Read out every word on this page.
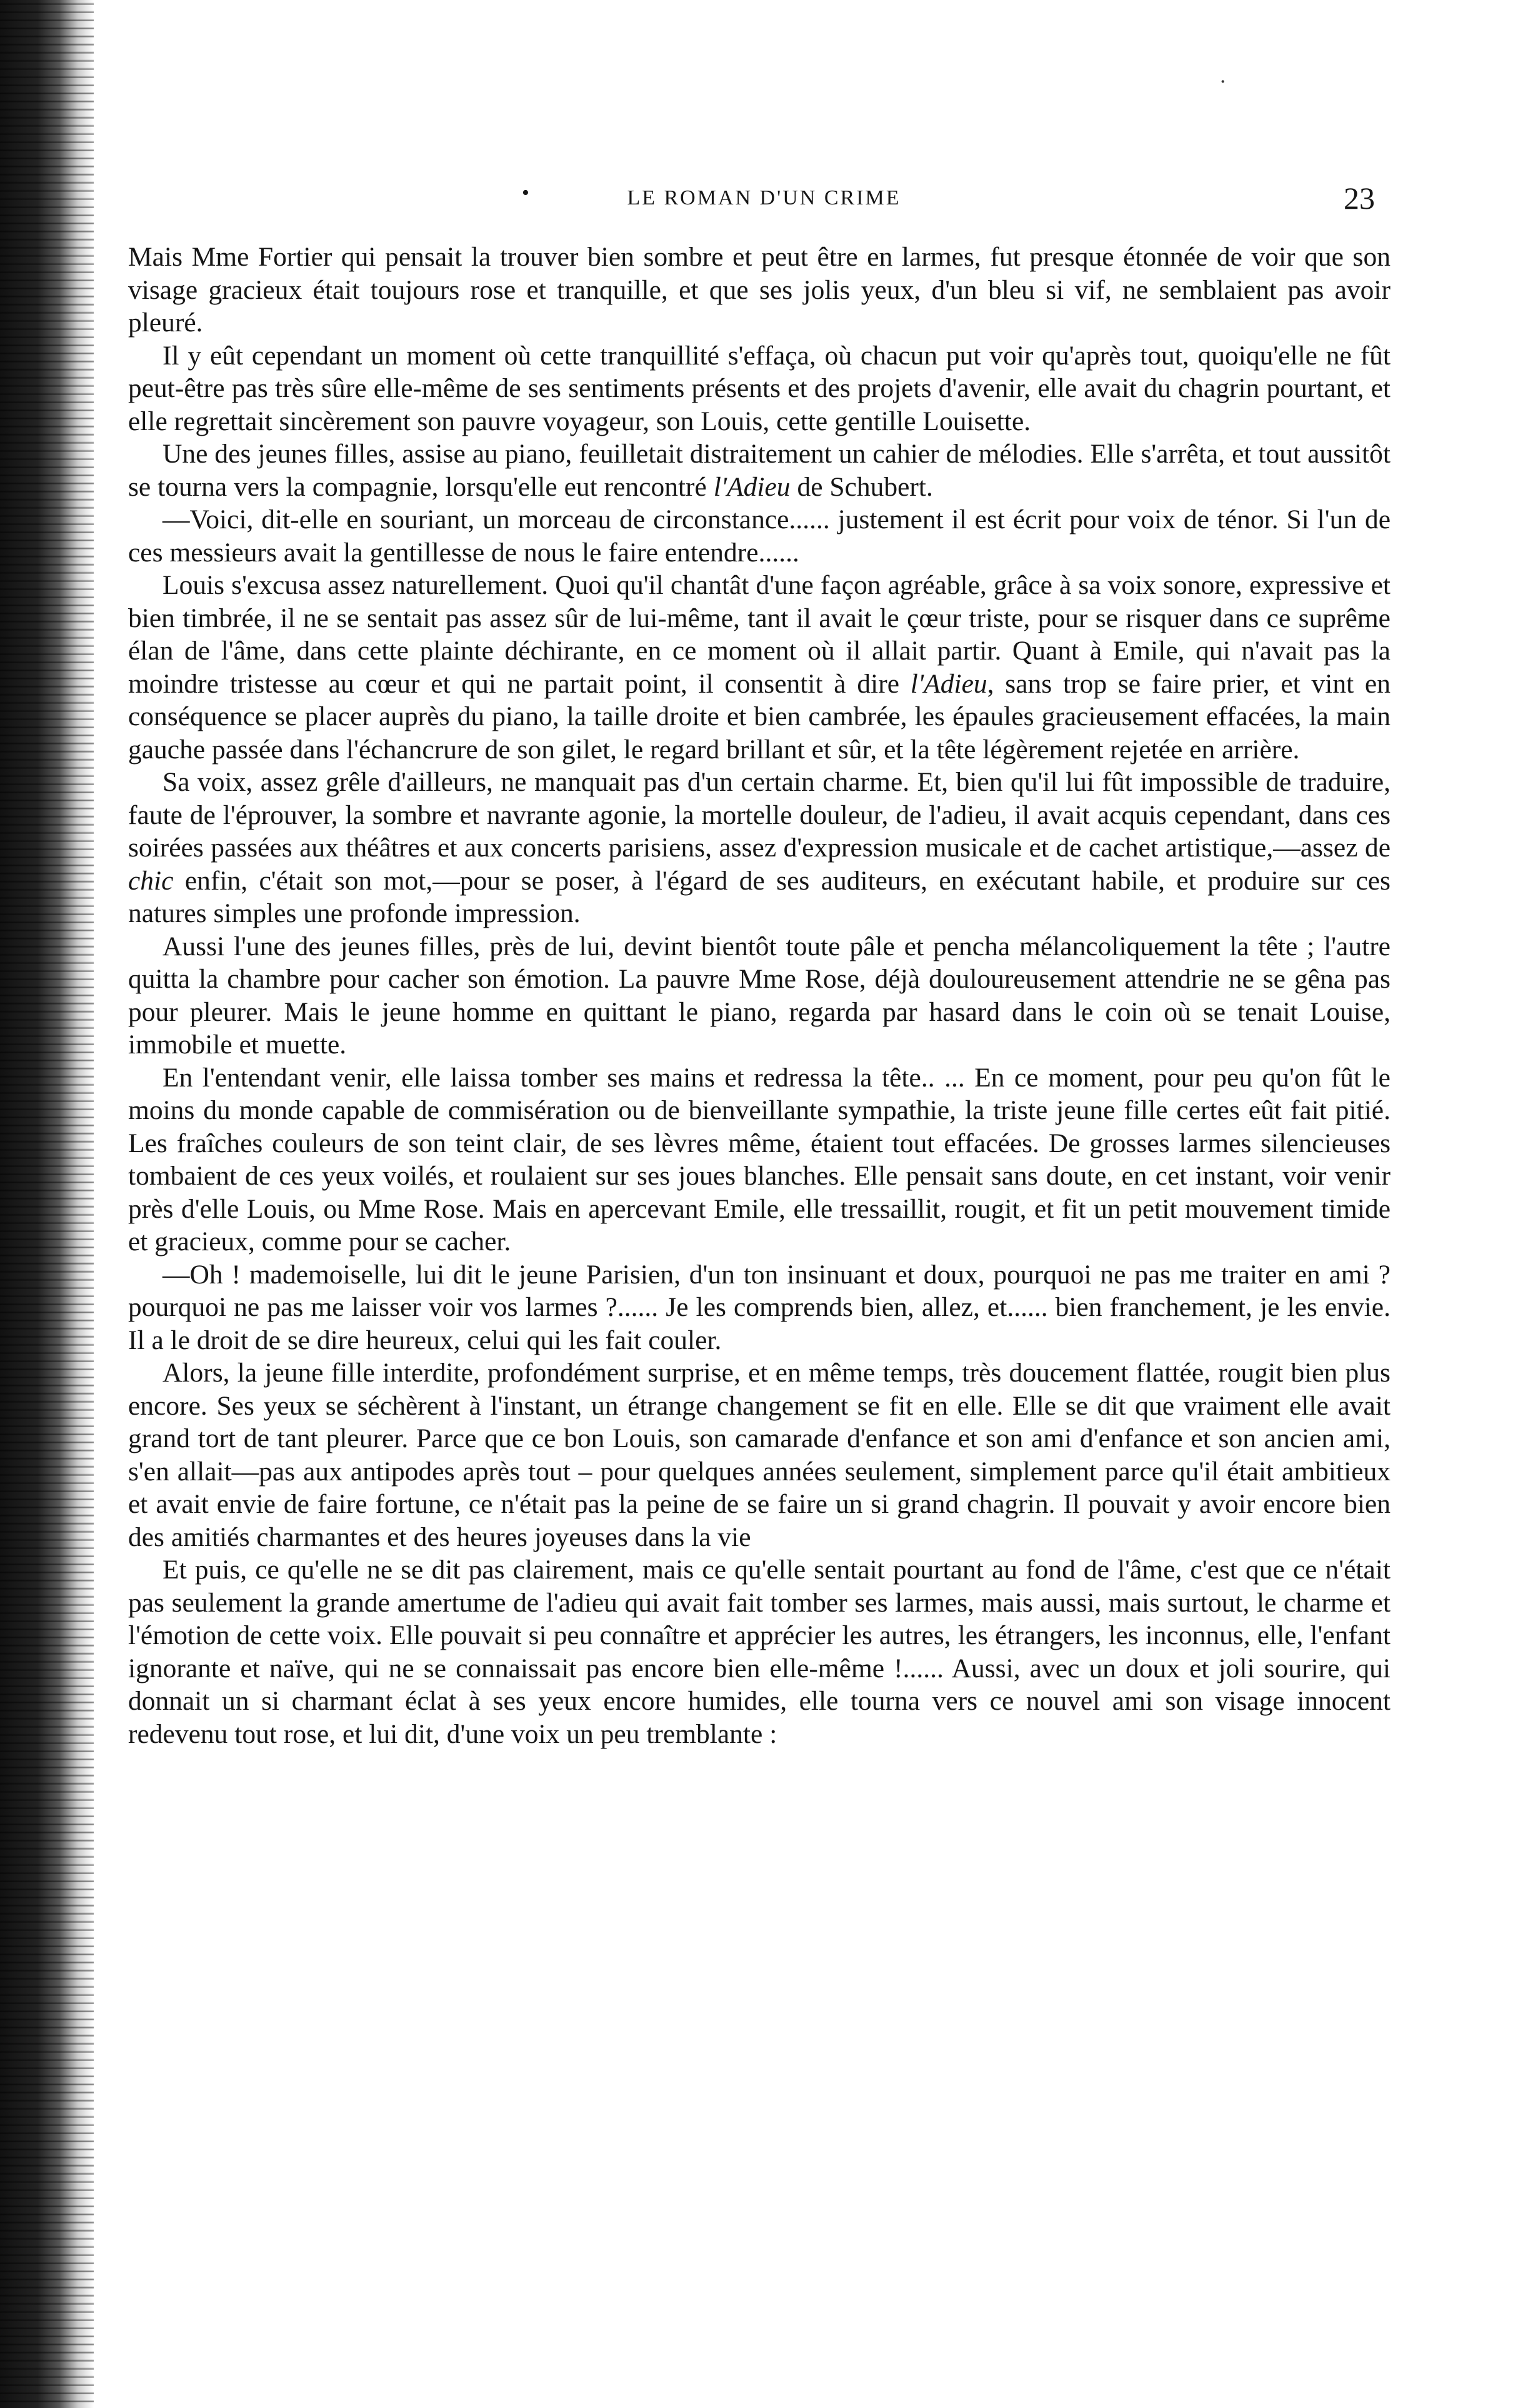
˙
•	LE ROMAN D'UN CRIME	23

Mais Mme Fortier qui pensait la trouver bien sombre et peut être en larmes, fut presque étonnée de voir que son visage gracieux était toujours rose et tranquille, et que ses jolis yeux, d'un bleu si vif, ne semblaient pas avoir pleuré.

Il y eût cependant un moment où cette tranquillité s'effaça, où chacun put voir qu'après tout, quoiqu'elle ne fût peut-être pas très sûre elle-même de ses sentiments présents et des projets d'avenir, elle avait du chagrin pourtant, et elle regrettait sincèrement son pauvre voyageur, son Louis, cette gentille Louisette.

Une des jeunes filles, assise au piano, feuilletait distraitement un cahier de mélodies. Elle s'arrêta, et tout aussitôt se tourna vers la compagnie, lorsqu'elle eut rencontré l'Adieu de Schubert.

—Voici, dit-elle en souriant, un morceau de circonstance...... justement il est écrit pour voix de ténor. Si l'un de ces messieurs avait la gentillesse de nous le faire entendre......

Louis s'excusa assez naturellement. Quoi qu'il chantât d'une façon agréable, grâce à sa voix sonore, expressive et bien timbrée, il ne se sentait pas assez sûr de lui-même, tant il avait le çœur triste, pour se risquer dans ce suprême élan de l'âme, dans cette plainte déchirante, en ce moment où il allait partir. Quant à Emile, qui n'avait pas la moindre tristesse au cœur et qui ne partait point, il consentit à dire l'Adieu, sans trop se faire prier, et vint en conséquence se placer auprès du piano, la taille droite et bien cambrée, les épaules gracieusement effacées, la main gauche passée dans l'échancrure de son gilet, le regard brillant et sûr, et la tête légèrement rejetée en arrière.

Sa voix, assez grêle d'ailleurs, ne manquait pas d'un certain charme. Et, bien qu'il lui fût impossible de traduire, faute de l'éprouver, la sombre et navrante agonie, la mortelle douleur, de l'adieu, il avait acquis cependant, dans ces soirées passées aux théâtres et aux concerts parisiens, assez d'expression musicale et de cachet artistique,—assez de chic enfin, c'était son mot,—pour se poser, à l'égard de ses auditeurs, en exécutant habile, et produire sur ces natures simples une profonde impression.

Aussi l'une des jeunes filles, près de lui, devint bientôt toute pâle et pencha mélancoliquement la tête ; l'autre quitta la chambre pour cacher son émotion. La pauvre Mme Rose, déjà douloureusement attendrie ne se gêna pas pour pleurer. Mais le jeune homme en quittant le piano, regarda par hasard dans le coin où se tenait Louise, immobile et muette.

En l'entendant venir, elle laissa tomber ses mains et redressa la tête.. ... En ce moment, pour peu qu'on fût le moins du monde capable de commisération ou de bienveillante sympathie, la triste jeune fille certes eût fait pitié. Les fraîches couleurs de son teint clair, de ses lèvres même, étaient tout effacées. De grosses larmes silencieuses tombaient de ces yeux voilés, et roulaient sur ses joues blanches. Elle pensait sans doute, en cet instant, voir venir près d'elle Louis, ou Mme Rose. Mais en apercevant Emile, elle tressaillit, rougit, et fit un petit mouvement timide et gracieux, comme pour se cacher.

—Oh ! mademoiselle, lui dit le jeune Parisien, d'un ton insinuant et doux, pourquoi ne pas me traiter en ami ? pourquoi ne pas me laisser voir vos larmes ?...... Je les comprends bien, allez, et...... bien franchement, je les envie. Il a le droit de se dire heureux, celui qui les fait couler.

Alors, la jeune fille interdite, profondément surprise, et en même temps, très doucement flattée, rougit bien plus encore. Ses yeux se séchèrent à l'instant, un étrange changement se fit en elle. Elle se dit que vraiment elle avait grand tort de tant pleurer. Parce que ce bon Louis, son camarade d'enfance et son ami d'enfance et son ancien ami, s'en allait—pas aux antipodes après tout – pour quelques années seulement, simplement parce qu'il était ambitieux et avait envie de faire fortune, ce n'était pas la peine de se faire un si grand chagrin. Il pouvait y avoir encore bien des amitiés charmantes et des heures joyeuses dans la vie

Et puis, ce qu'elle ne se dit pas clairement, mais ce qu'elle sentait pourtant au fond de l'âme, c'est que ce n'était pas seulement la grande amertume de l'adieu qui avait fait tomber ses larmes, mais aussi, mais surtout, le charme et l'émotion de cette voix. Elle pouvait si peu connaître et apprécier les autres, les étrangers, les inconnus, elle, l'enfant ignorante et naïve, qui ne se connaissait pas encore bien elle-même !...... Aussi, avec un doux et joli sourire, qui donnait un si charmant éclat à ses yeux encore humides, elle tourna vers ce nouvel ami son visage innocent redevenu tout rose, et lui dit, d'une voix un peu tremblante :
